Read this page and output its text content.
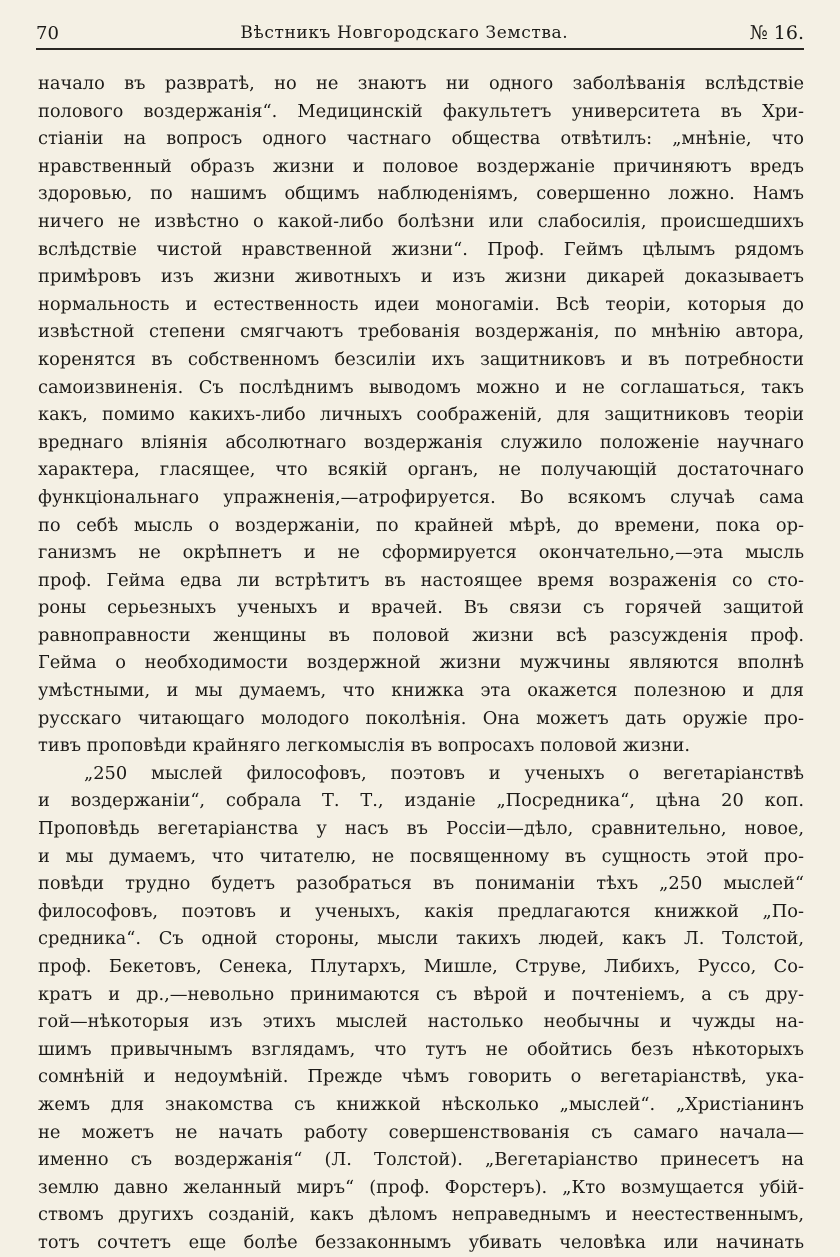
70	Вѣстникъ Новгородскаго Земства.	№ 16.
начало въ развратѣ, но не знаютъ ни одного заболѣванія вслѣдствіе
полового воздержанія“. Медицинскій факультетъ университета въ Хри-
стіаніи на вопросъ одного частнаго общества отвѣтилъ: „мнѣніе, что
нравственный образъ жизни и половое воздержаніе причиняютъ вредъ
здоровью, по нашимъ общимъ наблюденіямъ, совершенно ложно. Намъ
ничего не извѣстно о какой-либо болѣзни или слабосилія, происшедшихъ
вслѣдствіе чистой нравственной жизни“. Проф. Геймъ цѣлымъ рядомъ
примѣровъ изъ жизни животныхъ и изъ жизни дикарей доказываетъ
нормальность и естественность идеи моногаміи. Всѣ теоріи, которыя до
извѣстной степени смягчаютъ требованія воздержанія, по мнѣнію автора,
коренятся въ собственномъ безсиліи ихъ защитниковъ и въ потребности
самоизвиненія. Съ послѣднимъ выводомъ можно и не соглашаться, такъ
какъ, помимо какихъ-либо личныхъ соображеній, для защитниковъ теоріи
вреднаго вліянія абсолютнаго воздержанія служило положеніе научнаго
характера, гласящее, что всякій органъ, не получающій достаточнаго
функціональнаго упражненія,—атрофируется. Во всякомъ случаѣ сама
по себѣ мысль о воздержаніи, по крайней мѣрѣ, до времени, пока ор-
ганизмъ не окрѣпнетъ и не сформируется окончательно,—эта мысль
проф. Гейма едва ли встрѣтитъ въ настоящее время возраженія со сто-
роны серьезныхъ ученыхъ и врачей. Въ связи съ горячей защитой
равноправности женщины въ половой жизни всѣ разсужденія проф.
Гейма о необходимости воздержной жизни мужчины являются вполнѣ
умѣстными, и мы думаемъ, что книжка эта окажется полезною и для
русскаго читающаго молодого поколѣнія. Она можетъ дать оружіе про-
тивъ проповѣди крайняго легкомыслія въ вопросахъ половой жизни.
„250 мыслей философовъ, поэтовъ и ученыхъ о вегетаріанствѣ
и воздержаніи“, собрала Т. Т., изданіе „Посредника“, цѣна 20 коп.
Проповѣдь вегетаріанства у насъ въ Россіи—дѣло, сравнительно, новое,
и мы думаемъ, что читателю, не посвященному въ сущность этой про-
повѣди трудно будетъ разобраться въ пониманіи тѣхъ „250 мыслей“
философовъ, поэтовъ и ученыхъ, какія предлагаются книжкой „По-
средника“. Съ одной стороны, мысли такихъ людей, какъ Л. Толстой,
проф. Бекетовъ, Сенека, Плутархъ, Мишле, Струве, Либихъ, Руссо, Со-
кратъ и др.,—невольно принимаются съ вѣрой и почтеніемъ, а съ дру-
гой—нѣкоторыя изъ этихъ мыслей настолько необычны и чужды на-
шимъ привычнымъ взглядамъ, что тутъ не обойтись безъ нѣкоторыхъ
сомнѣній и недоумѣній. Прежде чѣмъ говорить о вегетаріанствѣ, ука-
жемъ для знакомства съ книжкой нѣсколько „мыслей“. „Христіанинъ
не можетъ не начать работу совершенствованія съ самаго начала—
именно съ воздержанія“ (Л. Толстой). „Вегетаріанство принесетъ на
землю давно желанный миръ“ (проф. Форстеръ). „Кто возмущается убій-
ствомъ другихъ созданій, какъ дѣломъ неправеднымъ и неестественнымъ,
тотъ сочтетъ еще болѣе беззаконнымъ убивать человѣка или начинать
